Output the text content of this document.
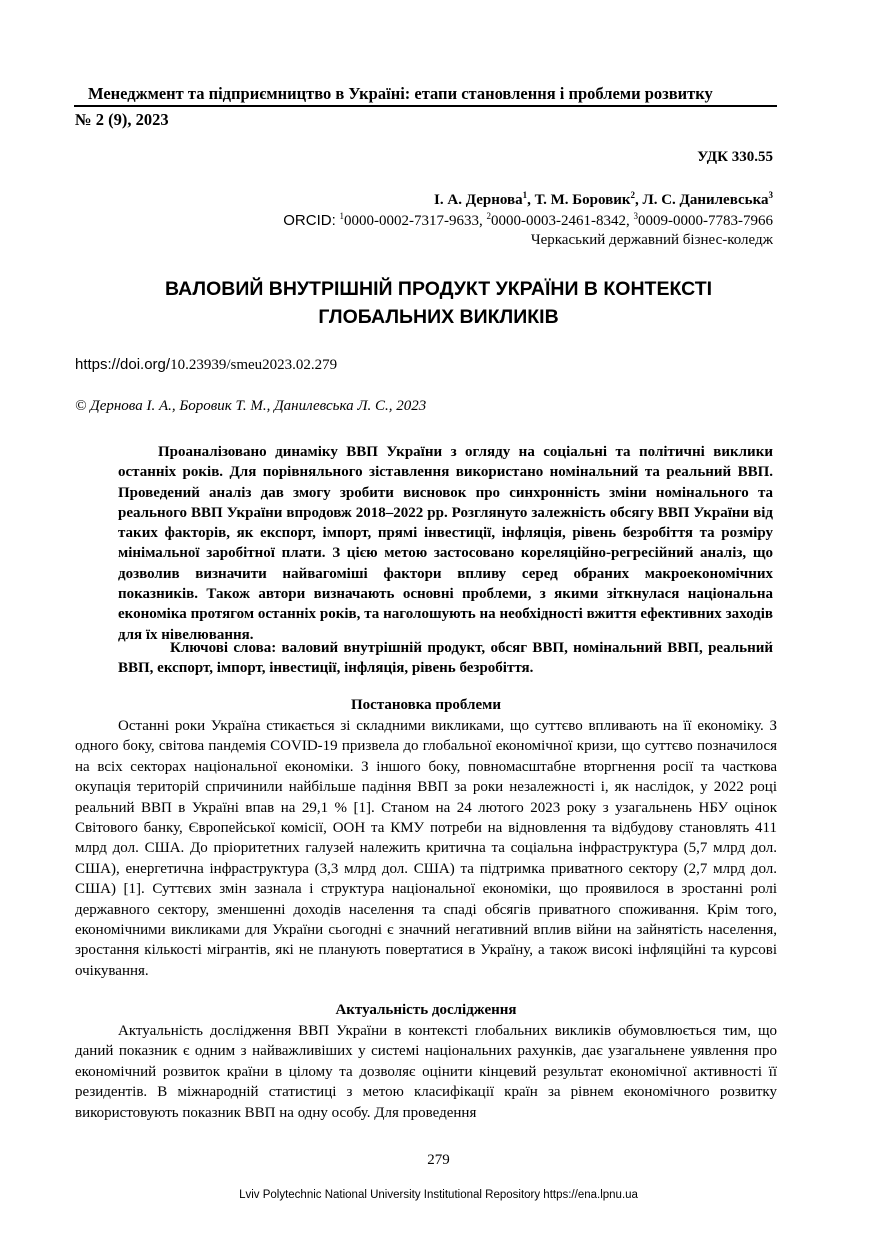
Менеджмент та підприємництво в Україні: етапи становлення і проблеми розвитку
№ 2 (9), 2023
УДК 330.55
І. А. Дернова$^1$, Т. М. Боровик$^2$, Л. С. Данилевська$^3$
ORCID: $^1$0000-0002-7317-9633, $^2$0000-0003-2461-8342, $^3$0009-0000-7783-7966
Черкаський державний бізнес-коледж
ВАЛОВИЙ ВНУТРІШНІЙ ПРОДУКТ УКРАЇНИ В КОНТЕКСТІ
ГЛОБАЛЬНИХ ВИКЛИКІВ
https://doi.org/10.23939/smeu2023.02.279
© Дернова І. А., Боровик Т. М., Данилевська Л. С., 2023

Проаналізовано динаміку ВВП України з огляду на соціальні та політичні виклики останніх років. Для порівняльного зіставлення використано номінальний та реальний ВВП. Проведений аналіз дав змогу зробити висновок про синхронність зміни номінального та реального ВВП України впродовж 2018–2022 рр. Розглянуто залежність обсягу ВВП України від таких факторів, як експорт, імпорт, прямі інвестиції, інфляція, рівень безробіття та розміру мінімальної заробітної плати. З цією метою застосовано кореляційно-регресійний аналіз, що дозволив визначити найвагоміші фактори впливу серед обраних макроекономічних показників. Також автори визначають основні проблеми, з якими зіткнулася національна економіка протягом останніх років, та наголошують на необхідності вжиття ефективних заходів для їх нівелювання.

Ключові слова: валовий внутрішній продукт, обсяг ВВП, номінальний ВВП, реальний ВВП, експорт, імпорт, інвестиції, інфляція, рівень безробіття.

Постановка проблеми

Останні роки Україна стикається зі складними викликами, що суттєво впливають на її економіку. З одного боку, світова пандемія COVID-19 призвела до глобальної економічної кризи, що суттєво позначилося на всіх секторах національної економіки. З іншого боку, повномасштабне вторгнення росії та часткова окупація територій спричинили найбільше падіння ВВП за роки незалежності і, як наслідок, у 2022 році реальний ВВП в Україні впав на 29,1 % [1]. Станом на 24 лютого 2023 року з узагальнень НБУ оцінок Світового банку, Європейської комісії, ООН та КМУ потреби на відновлення та відбудову становлять 411 млрд дол. США. До пріоритетних галузей належить критична та соціальна інфраструктура (5,7 млрд дол. США), енергетична інфраструктура (3,3 млрд дол. США) та підтримка приватного сектору (2,7 млрд дол. США) [1]. Суттєвих змін зазнала і структура національної економіки, що проявилося в зростанні ролі державного сектору, зменшенні доходів населення та спаді обсягів приватного споживання. Крім того, економічними викликами для України сьогодні є значний негативний вплив війни на зайнятість населення, зростання кількості мігрантів, які не планують повертатися в Україну, а також високі інфляційні та курсові очікування.

Актуальність дослідження

Актуальність дослідження ВВП України в контексті глобальних викликів обумовлюється тим, що даний показник є одним з найважливіших у системі національних рахунків, дає узагальнене уявлення про економічний розвиток країни в цілому та дозволяє оцінити кінцевий результат економічної активності її резидентів. В міжнародній статистиці з метою класифікації країн за рівнем економічного розвитку використовують показник ВВП на одну особу. Для проведення

279
Lviv Polytechnic National University Institutional Repository https://ena.lpnu.ua
